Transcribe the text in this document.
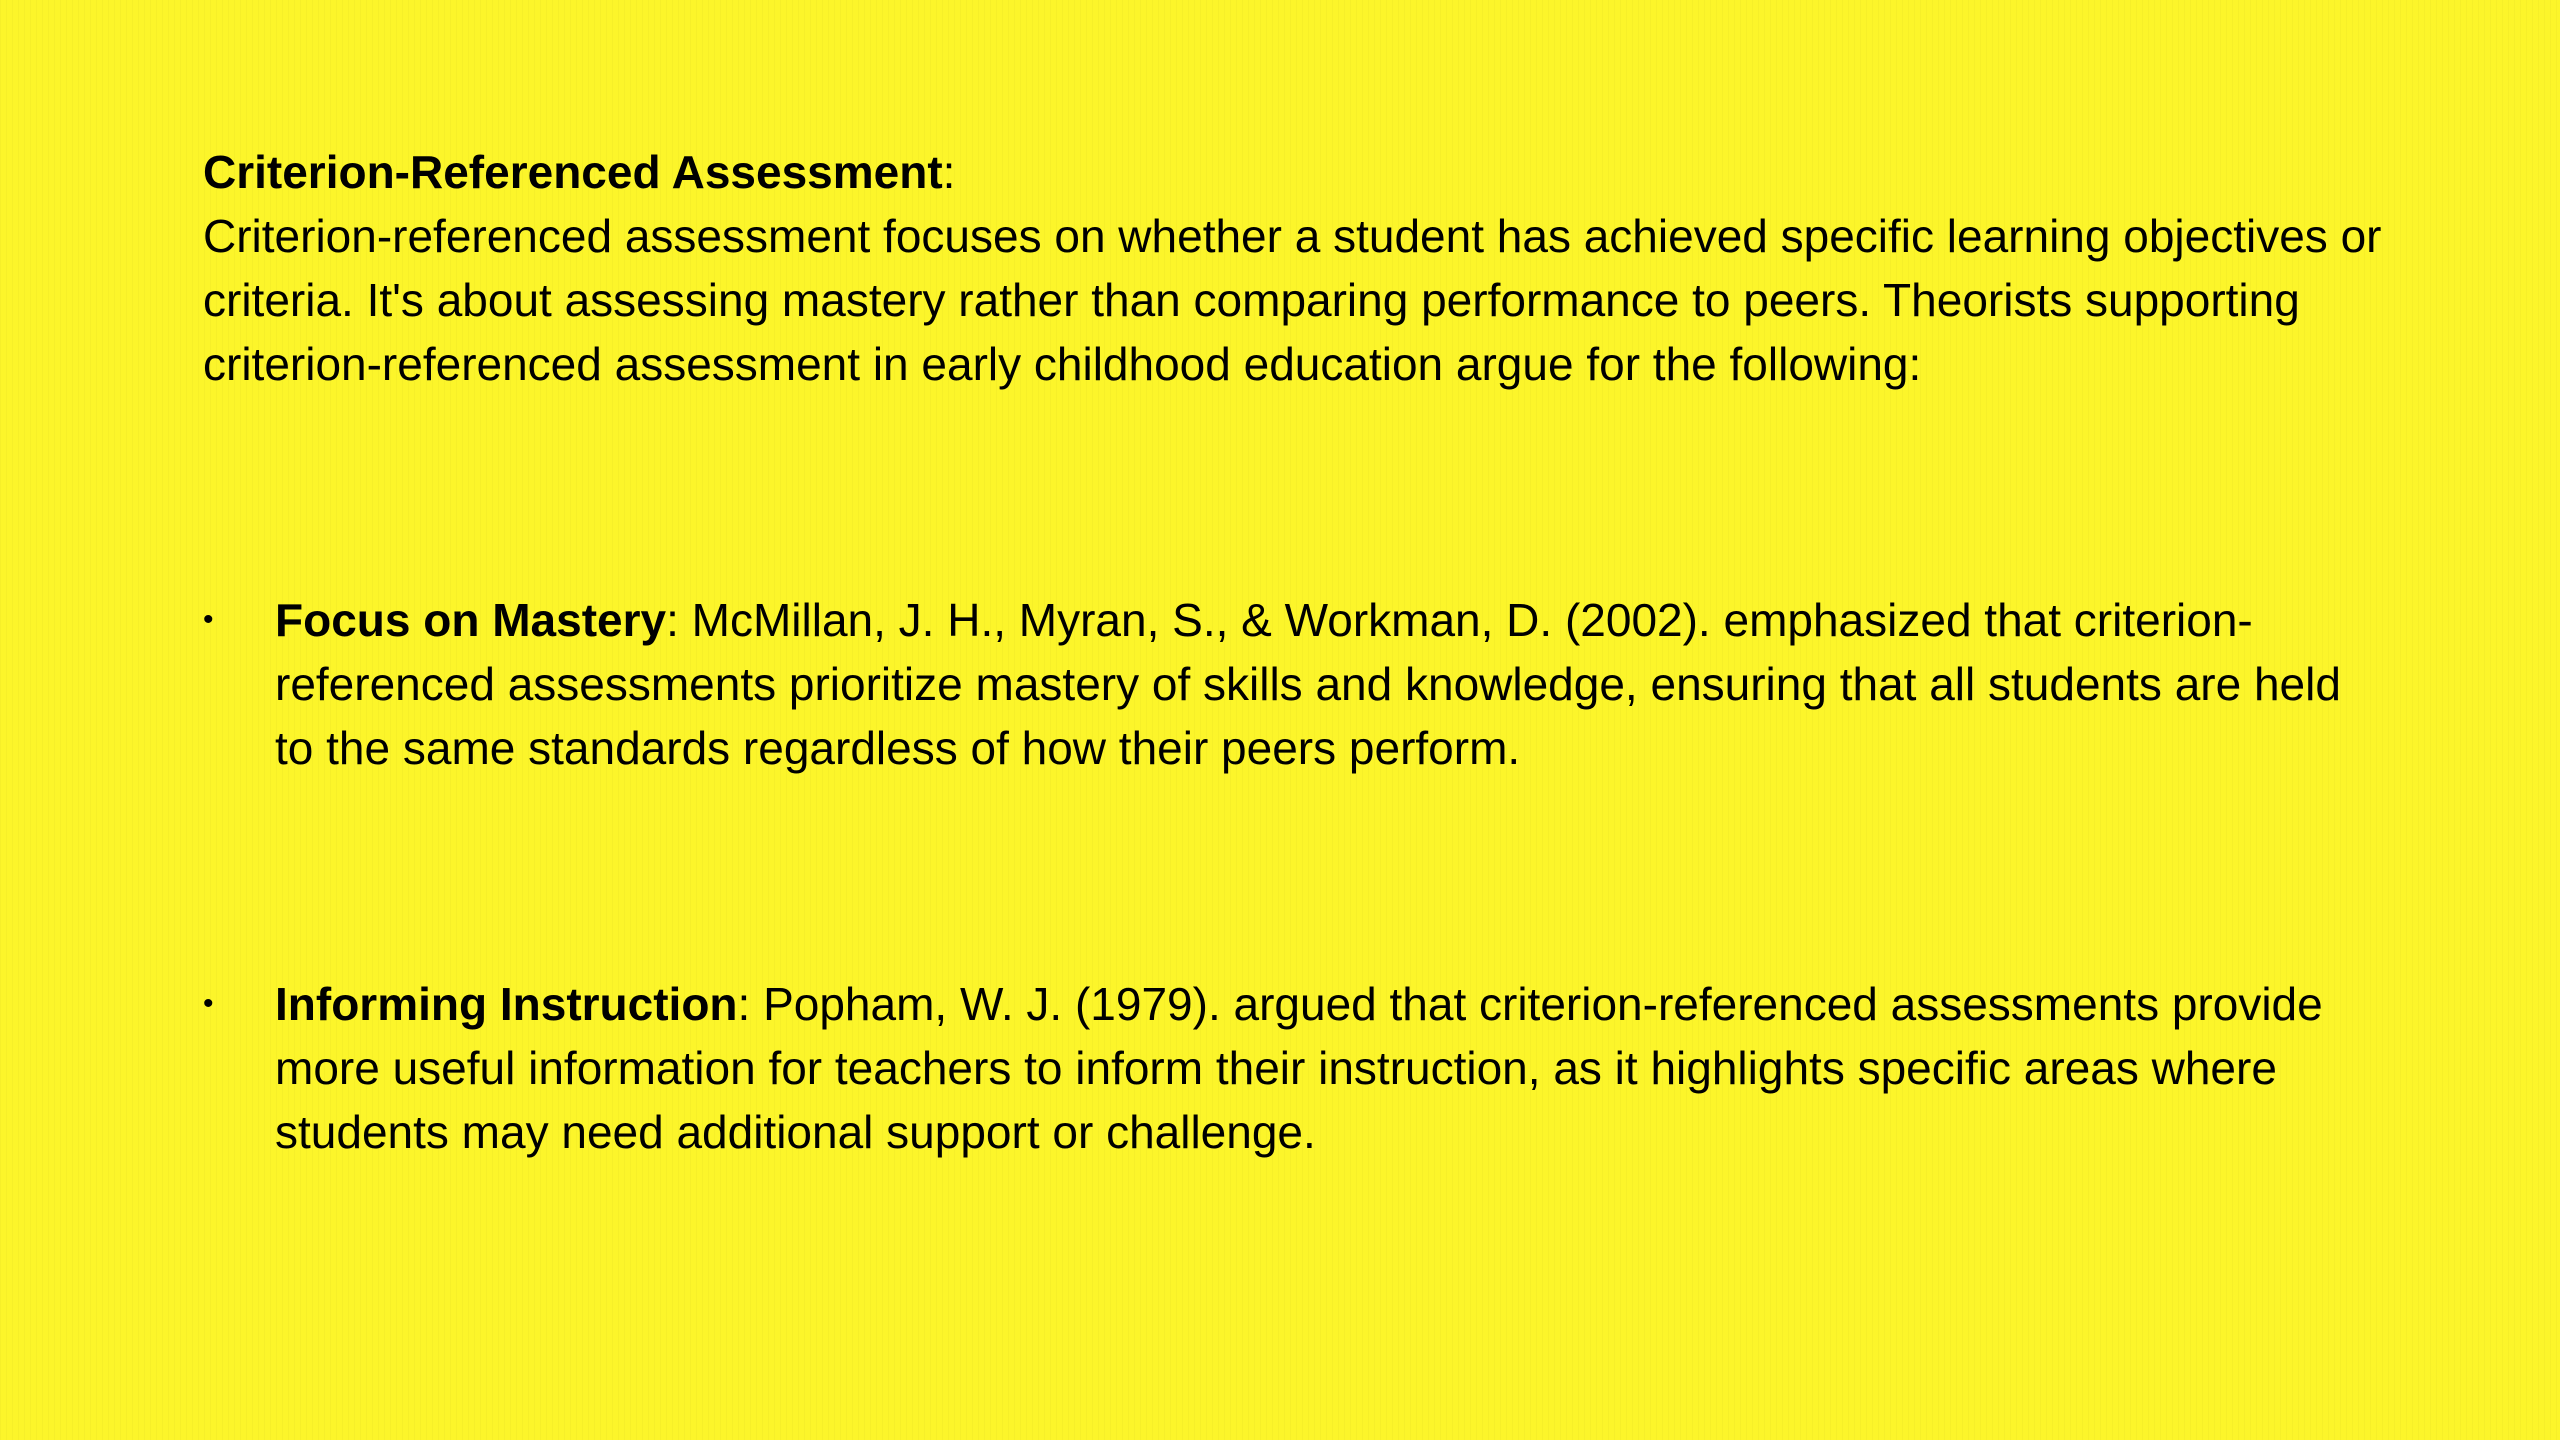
Criterion-Referenced Assessment:

Criterion-referenced assessment focuses on whether a student has achieved specific learning objectives or criteria. It's about assessing mastery rather than comparing performance to peers. Theorists supporting criterion-referenced assessment in early childhood education argue for the following:

•	Focus on Mastery: McMillan, J. H., Myran, S., & Workman, D. (2002). emphasized that criterion-referenced assessments prioritize mastery of skills and knowledge, ensuring that all students are held to the same standards regardless of how their peers perform.
•	Informing Instruction: Popham, W. J. (1979). argued that criterion-referenced assessments provide more useful information for teachers to inform their instruction, as it highlights specific areas where students may need additional support or challenge.
